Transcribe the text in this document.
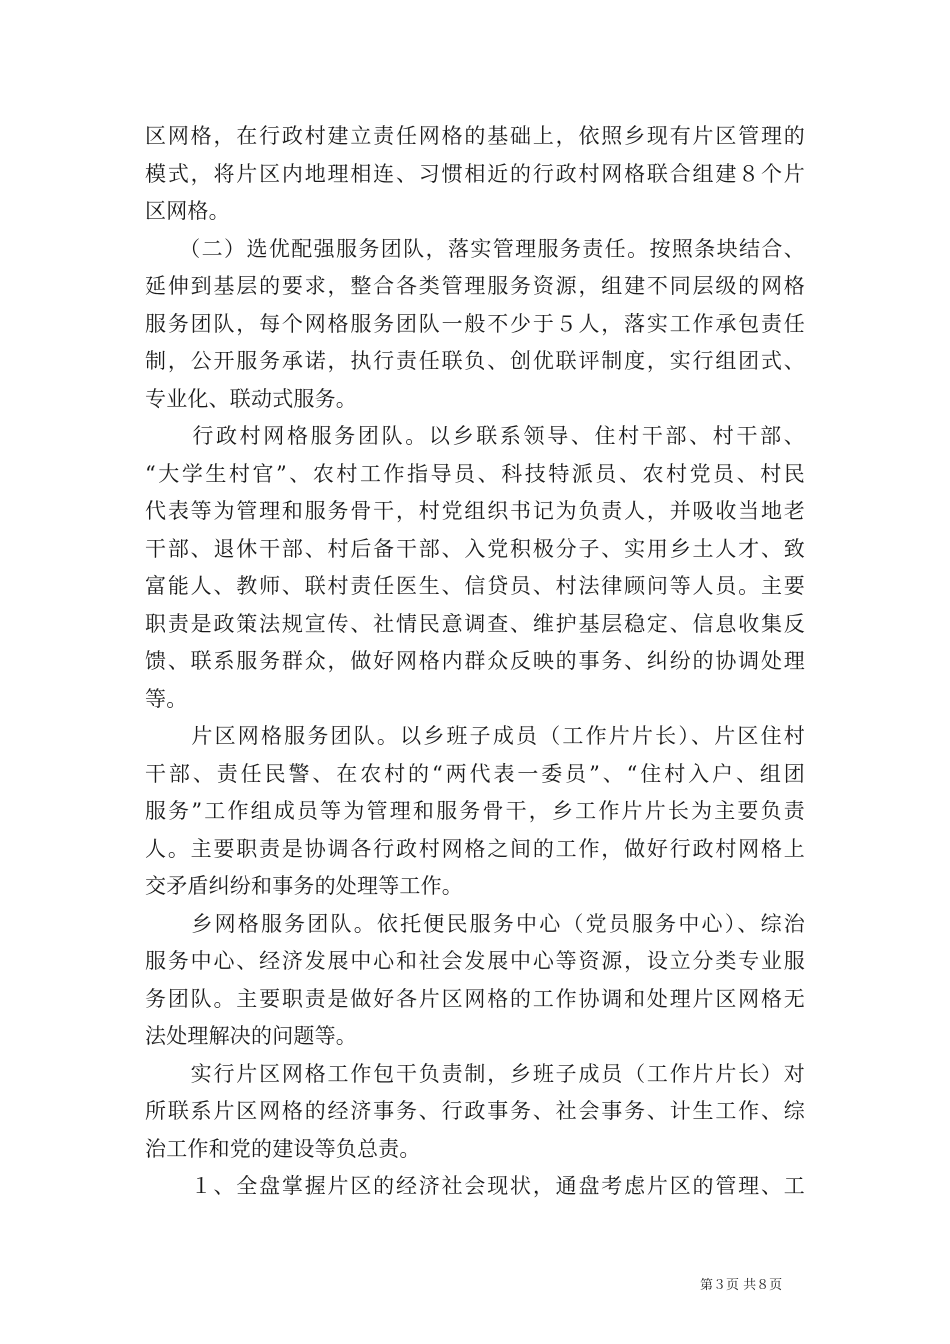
区网格，在行政村建立责任网格的基础上，依照乡现有片区管理的
模式，将片区内地理相连、习惯相近的行政村网格联合组建８个片
区网格。
　　（二）选优配强服务团队，落实管理服务责任。按照条块结合、
延伸到基层的要求，整合各类管理服务资源，组建不同层级的网格
服务团队，每个网格服务团队一般不少于５人，落实工作承包责任
制，公开服务承诺，执行责任联负、创优联评制度，实行组团式、
专业化、联动式服务。
　　行政村网格服务团队。以乡联系领导、住村干部、村干部、
“大学生村官”、农村工作指导员、科技特派员、农村党员、村民
代表等为管理和服务骨干，村党组织书记为负责人，并吸收当地老
干部、退休干部、村后备干部、入党积极分子、实用乡土人才、致
富能人、教师、联村责任医生、信贷员、村法律顾问等人员。主要
职责是政策法规宣传、社情民意调查、维护基层稳定、信息收集反
馈、联系服务群众，做好网格内群众反映的事务、纠纷的协调处理
等。
　　片区网格服务团队。以乡班子成员（工作片片长）、片区住村
干部、责任民警、在农村的“两代表一委员”、“住村入户、组团
服务”工作组成员等为管理和服务骨干，乡工作片片长为主要负责
人。主要职责是协调各行政村网格之间的工作，做好行政村网格上
交矛盾纠纷和事务的处理等工作。
　　乡网格服务团队。依托便民服务中心（党员服务中心）、综治
服务中心、经济发展中心和社会发展中心等资源，设立分类专业服
务团队。主要职责是做好各片区网格的工作协调和处理片区网格无
法处理解决的问题等。
　　实行片区网格工作包干负责制，乡班子成员（工作片片长）对
所联系片区网格的经济事务、行政事务、社会事务、计生工作、综
治工作和党的建设等负总责。
　　１、全盘掌握片区的经济社会现状，通盘考虑片区的管理、工
第３页 共８页
